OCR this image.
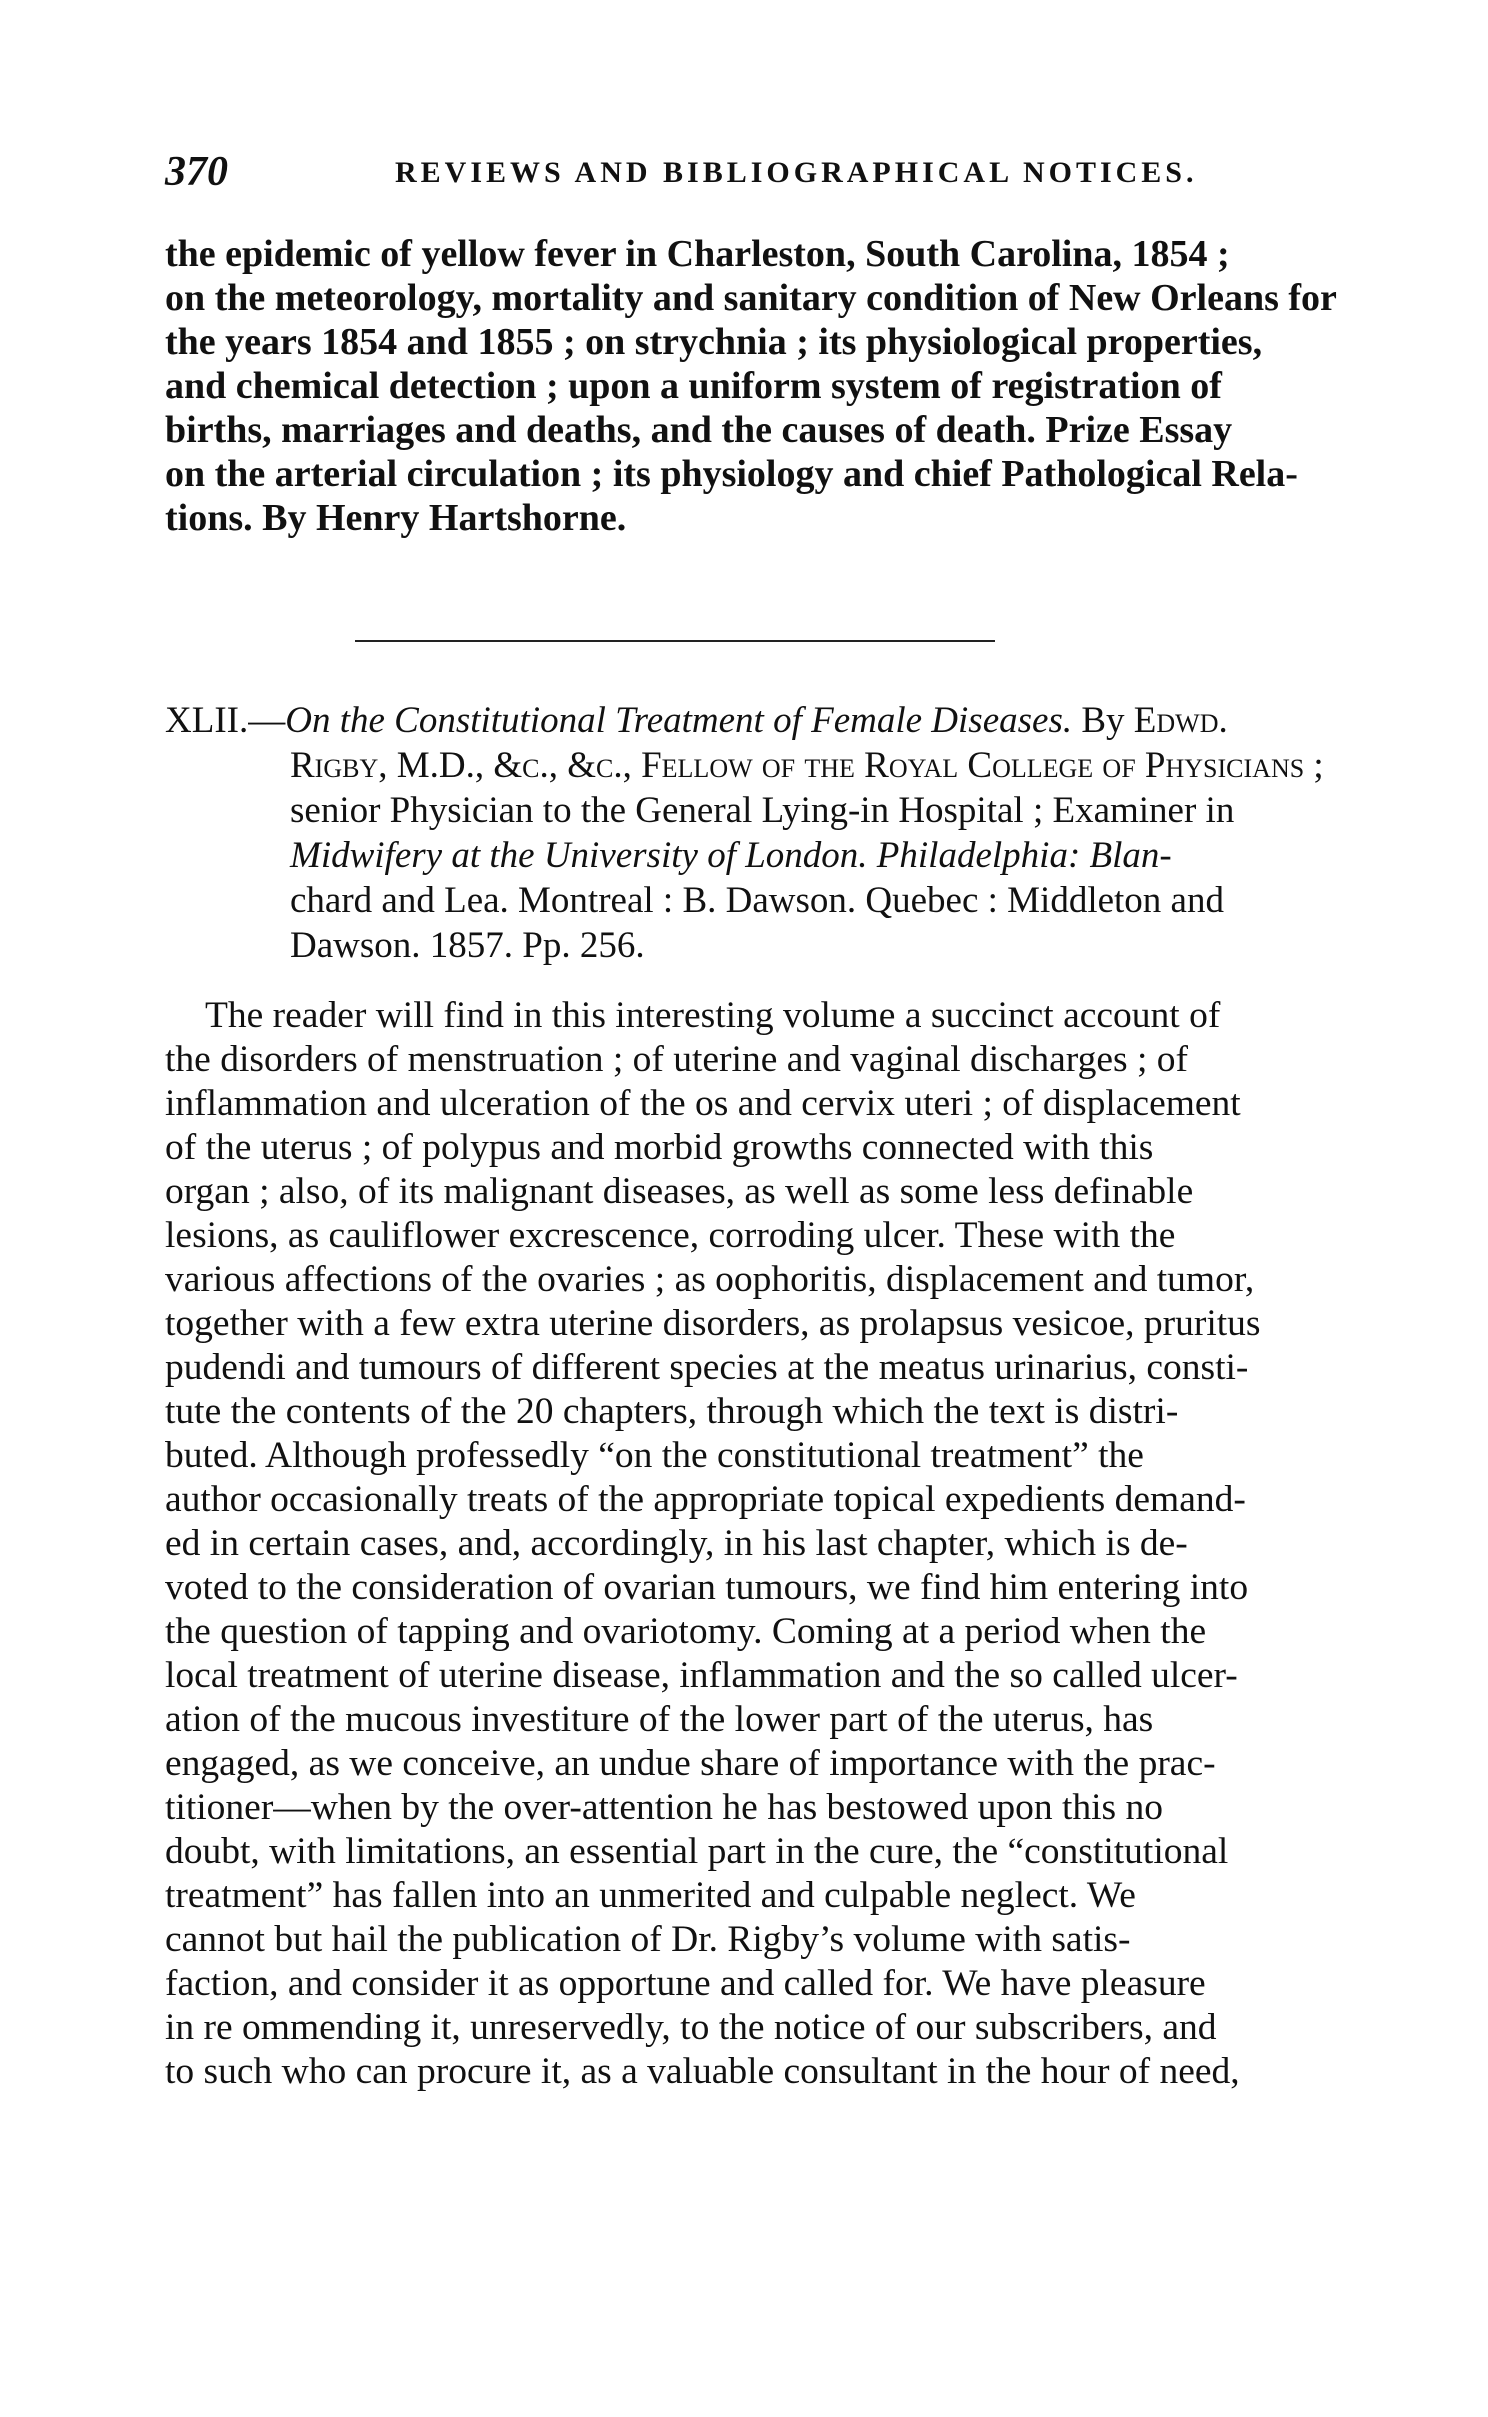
370	REVIEWS AND BIBLIOGRAPHICAL NOTICES.
the epidemic of yellow fever in Charleston, South Carolina, 1854 ;
on the meteorology, mortality and sanitary condition of New Orleans for
the years 1854 and 1855 ; on strychnia ; its physiological properties,
and chemical detection ; upon a uniform system of registration of
births, marriages and deaths, and the causes of death. Prize Essay
on the arterial circulation ; its physiology and chief Pathological Rela-
tions. By Henry Hartshorne.
XLII.—On the Constitutional Treatment of Female Diseases. By Edwd.
Rigby, M.D., &c., &c., Fellow of the Royal College of Physicians ;
senior Physician to the General Lying-in Hospital ; Examiner in
Midwifery at the University of London. Philadelphia: Blan-
chard and Lea. Montreal : B. Dawson. Quebec : Middleton and
Dawson. 1857. Pp. 256.
The reader will find in this interesting volume a succinct account of
the disorders of menstruation ; of uterine and vaginal discharges ; of
inflammation and ulceration of the os and cervix uteri ; of displacement
of the uterus ; of polypus and morbid growths connected with this
organ ; also, of its malignant diseases, as well as some less definable
lesions, as cauliflower excrescence, corroding ulcer. These with the
various affections of the ovaries ; as oophoritis, displacement and tumor,
together with a few extra uterine disorders, as prolapsus vesicoe, pruritus
pudendi and tumours of different species at the meatus urinarius, consti-
tute the contents of the 20 chapters, through which the text is distri-
buted. Although professedly “on the constitutional treatment” the
author occasionally treats of the appropriate topical expedients demand-
ed in certain cases, and, accordingly, in his last chapter, which is de-
voted to the consideration of ovarian tumours, we find him entering into
the question of tapping and ovariotomy. Coming at a period when the
local treatment of uterine disease, inflammation and the so called ulcer-
ation of the mucous investiture of the lower part of the uterus, has
engaged, as we conceive, an undue share of importance with the prac-
titioner—when by the over-attention he has bestowed upon this no
doubt, with limitations, an essential part in the cure, the “constitutional
treatment” has fallen into an unmerited and culpable neglect. We
cannot but hail the publication of Dr. Rigby’s volume with satis-
faction, and consider it as opportune and called for. We have pleasure
in re ommending it, unreservedly, to the notice of our subscribers, and
to such who can procure it, as a valuable consultant in the hour of need,
